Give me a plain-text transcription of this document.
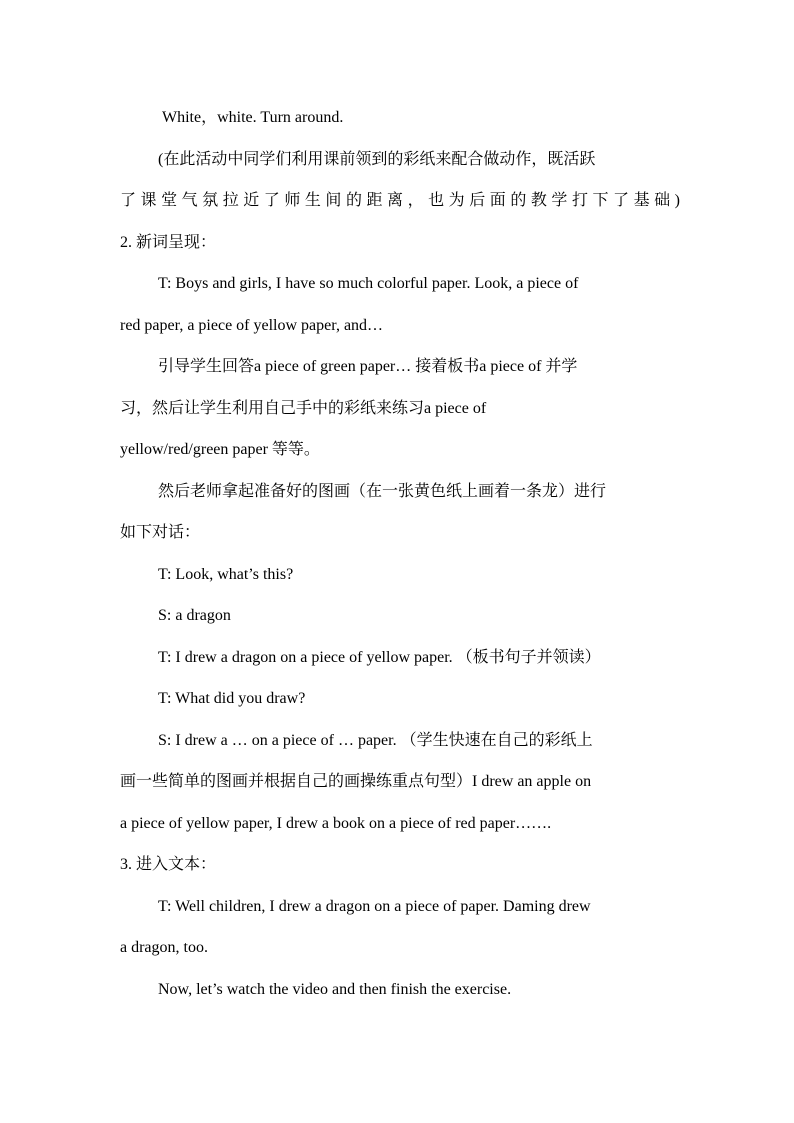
White，white. Turn around.
(在此活动中同学们利用课前领到的彩纸来配合做动作，既活跃
了课堂气氛拉近了师生间的距离，也为后面的教学打下了基础)
2. 新词呈现：
T: Boys and girls, I have so much colorful paper. Look, a piece of
red paper, a piece of yellow paper, and…
引导学生回答a piece of green paper… 接着板书a piece of 并学
习，然后让学生利用自己手中的彩纸来练习a piece of
yellow/red/green paper 等等。
然后老师拿起准备好的图画（在一张黄色纸上画着一条龙）进行
如下对话：
T: Look, what’s this?
S: a dragon
T: I drew a dragon on a piece of yellow paper. （板书句子并领读）
T: What did you draw?
S: I drew a … on a piece of … paper. （学生快速在自己的彩纸上
画一些简单的图画并根据自己的画操练重点句型）I drew an apple on
a piece of yellow paper, I drew a book on a piece of red paper…….
3. 进入文本：
T: Well children, I drew a dragon on a piece of paper. Daming drew
a dragon, too.
Now, let’s watch the video and then finish the exercise.
